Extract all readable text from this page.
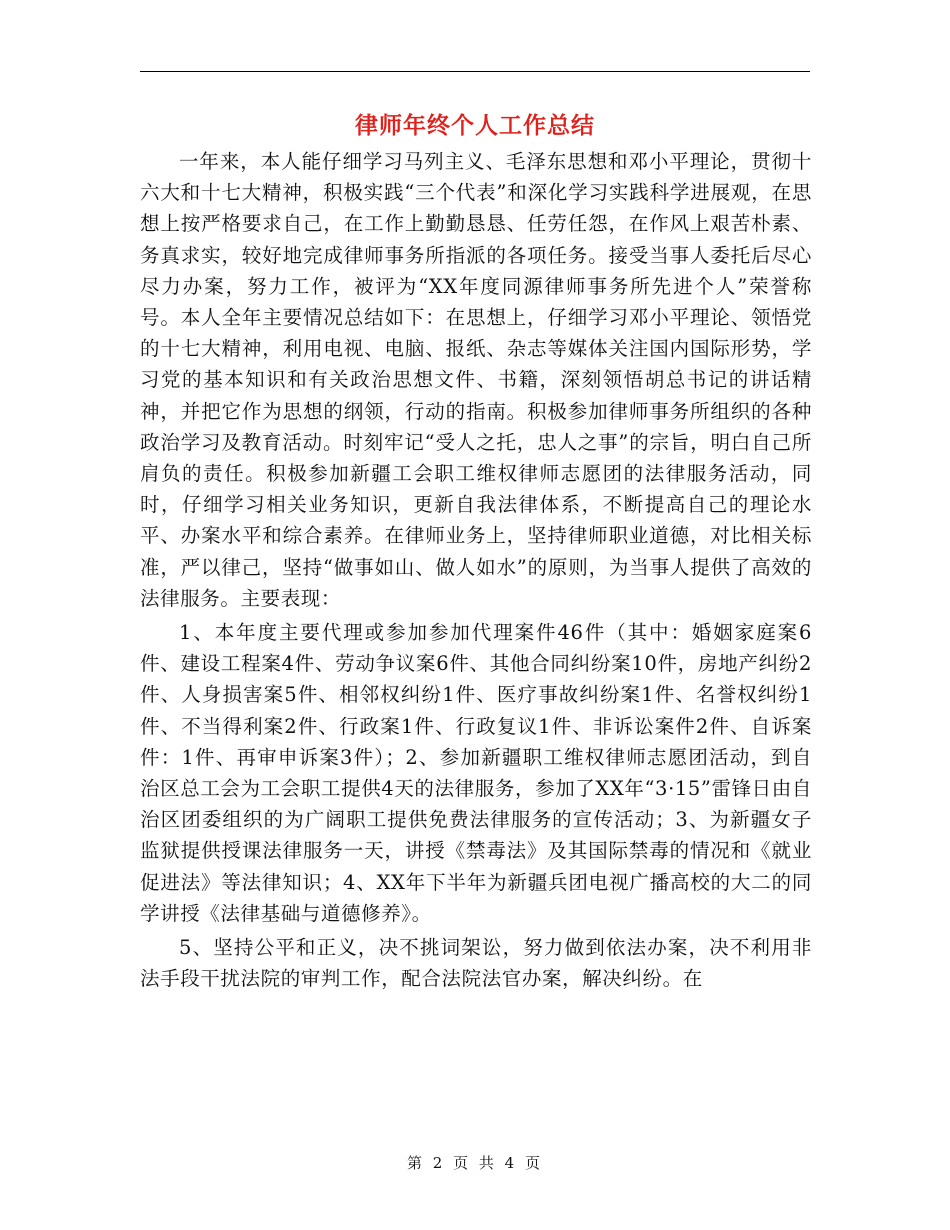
律师年终个人工作总结

一年来，本人能仔细学习马列主义、毛泽东思想和邓小平理论，贯彻十六大和十七大精神，积极实践“三个代表”和深化学习实践科学进展观，在思想上按严格要求自己，在工作上勤勤恳恳、任劳任怨，在作风上艰苦朴素、务真求实，较好地完成律师事务所指派的各项任务。接受当事人委托后尽心尽力办案，努力工作，被评为“XX年度同源律师事务所先进个人”荣誉称号。本人全年主要情况总结如下：在思想上，仔细学习邓小平理论、领悟党的十七大精神，利用电视、电脑、报纸、杂志等媒体关注国内国际形势，学习党的基本知识和有关政治思想文件、书籍，深刻领悟胡总书记的讲话精神，并把它作为思想的纲领，行动的指南。积极参加律师事务所组织的各种政治学习及教育活动。时刻牢记“受人之托，忠人之事”的宗旨，明白自己所肩负的责任。积极参加新疆工会职工维权律师志愿团的法律服务活动，同时，仔细学习相关业务知识，更新自我法律体系，不断提高自己的理论水平、办案水平和综合素养。在律师业务上，坚持律师职业道德，对比相关标准，严以律己，坚持“做事如山、做人如水”的原则，为当事人提供了高效的法律服务。主要表现：

1、本年度主要代理或参加参加代理案件46件（其中：婚姻家庭案6件、建设工程案4件、劳动争议案6件、其他合同纠纷案10件，房地产纠纷2件、人身损害案5件、相邻权纠纷1件、医疗事故纠纷案1件、名誉权纠纷1件、不当得利案2件、行政案1件、行政复议1件、非诉讼案件2件、自诉案件：1件、再审申诉案3件）；2、参加新疆职工维权律师志愿团活动，到自治区总工会为工会职工提供4天的法律服务，参加了XX年“3·15”雷锋日由自治区团委组织的为广阔职工提供免费法律服务的宣传活动；3、为新疆女子监狱提供授课法律服务一天，讲授《禁毒法》及其国际禁毒的情况和《就业促进法》等法律知识；4、XX年下半年为新疆兵团电视广播高校的大二的同学讲授《法律基础与道德修养》。

5、坚持公平和正义，决不挑词架讼，努力做到依法办案，决不利用非法手段干扰法院的审判工作，配合法院法官办案，解决纠纷。在

第 2 页 共 4 页
